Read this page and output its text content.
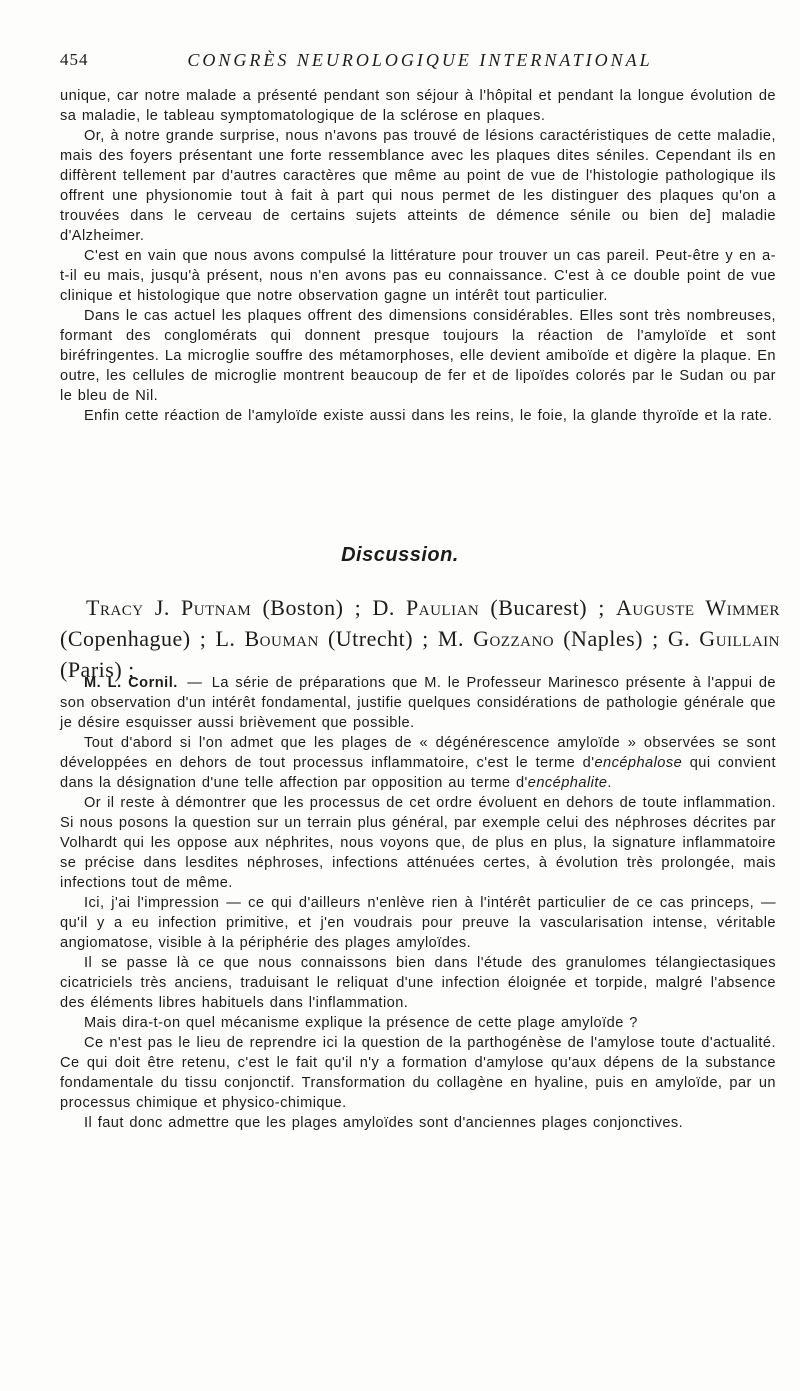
454	CONGRÈS NEUROLOGIQUE INTERNATIONAL

unique, car notre malade a présenté pendant son séjour à l'hôpital et pendant la longue évolution de sa maladie, le tableau symptomatologique de la sclérose en plaques.

Or, à notre grande surprise, nous n'avons pas trouvé de lésions caractéristiques de cette maladie, mais des foyers présentant une forte ressemblance avec les plaques dites séniles. Cependant ils en diffèrent tellement par d'autres caractères que même au point de vue de l'histologie pathologique ils offrent une physionomie tout à fait à part qui nous permet de les distinguer des plaques qu'on a trouvées dans le cerveau de certains sujets atteints de démence sénile ou bien de] maladie d'Alzheimer.

C'est en vain que nous avons compulsé la littérature pour trouver un cas pareil. Peut-être y en a-t-il eu mais, jusqu'à présent, nous n'en avons pas eu connaissance. C'est à ce double point de vue clinique et histologique que notre observation gagne un intérêt tout particulier.

Dans le cas actuel les plaques offrent des dimensions considérables. Elles sont très nombreuses, formant des conglomérats qui donnent presque toujours la réaction de l'amyloïde et sont biréfringentes. La microglie souffre des métamorphoses, elle devient amiboïde et digère la plaque. En outre, les cellules de microglie montrent beaucoup de fer et de lipoïdes colorés par le Sudan ou par le bleu de Nil.

Enfin cette réaction de l'amyloïde existe aussi dans les reins, le foie, la glande thyroïde et la rate.

Discussion.

Tracy J. Putnam (Boston) ; D. Paulian (Bucarest) ; Auguste Wimmer (Copenhague) ; L. Bouman (Utrecht) ; M. Gozzano (Naples) ; G. Guillain (Paris) ;

M. L. Cornil. — La série de préparations que M. le Professeur Marinesco présente à l'appui de son observation d'un intérêt fondamental, justifie quelques considérations de pathologie générale que je désire esquisser aussi brièvement que possible.

Tout d'abord si l'on admet que les plages de « dégénérescence amyloïde » observées se sont développées en dehors de tout processus inflammatoire, c'est le terme d'encéphalose qui convient dans la désignation d'une telle affection par opposition au terme d'encéphalite.

Or il reste à démontrer que les processus de cet ordre évoluent en dehors de toute inflammation. Si nous posons la question sur un terrain plus général, par exemple celui des néphroses décrites par Volhardt qui les oppose aux néphrites, nous voyons que, de plus en plus, la signature inflammatoire se précise dans lesdites néphroses, infections atténuées certes, à évolution très prolongée, mais infections tout de même.

Ici, j'ai l'impression — ce qui d'ailleurs n'enlève rien à l'intérêt particulier de ce cas princeps, — qu'il y a eu infection primitive, et j'en voudrais pour preuve la vascularisation intense, véritable angiomatose, visible à la périphérie des plages amyloïdes.

Il se passe là ce que nous connaissons bien dans l'étude des granulomes télangiectasiques cicatriciels très anciens, traduisant le reliquat d'une infection éloignée et torpide, malgré l'absence des éléments libres habituels dans l'inflammation.

Mais dira-t-on quel mécanisme explique la présence de cette plage amyloïde ?

Ce n'est pas le lieu de reprendre ici la question de la parthogénèse de l'amylose toute d'actualité. Ce qui doit être retenu, c'est le fait qu'il n'y a formation d'amylose qu'aux dépens de la substance fondamentale du tissu conjonctif. Transformation du collagène en hyaline, puis en amyloïde, par un processus chimique et physico-chimique.

Il faut donc admettre que les plages amyloïdes sont d'anciennes plages conjonctives.
